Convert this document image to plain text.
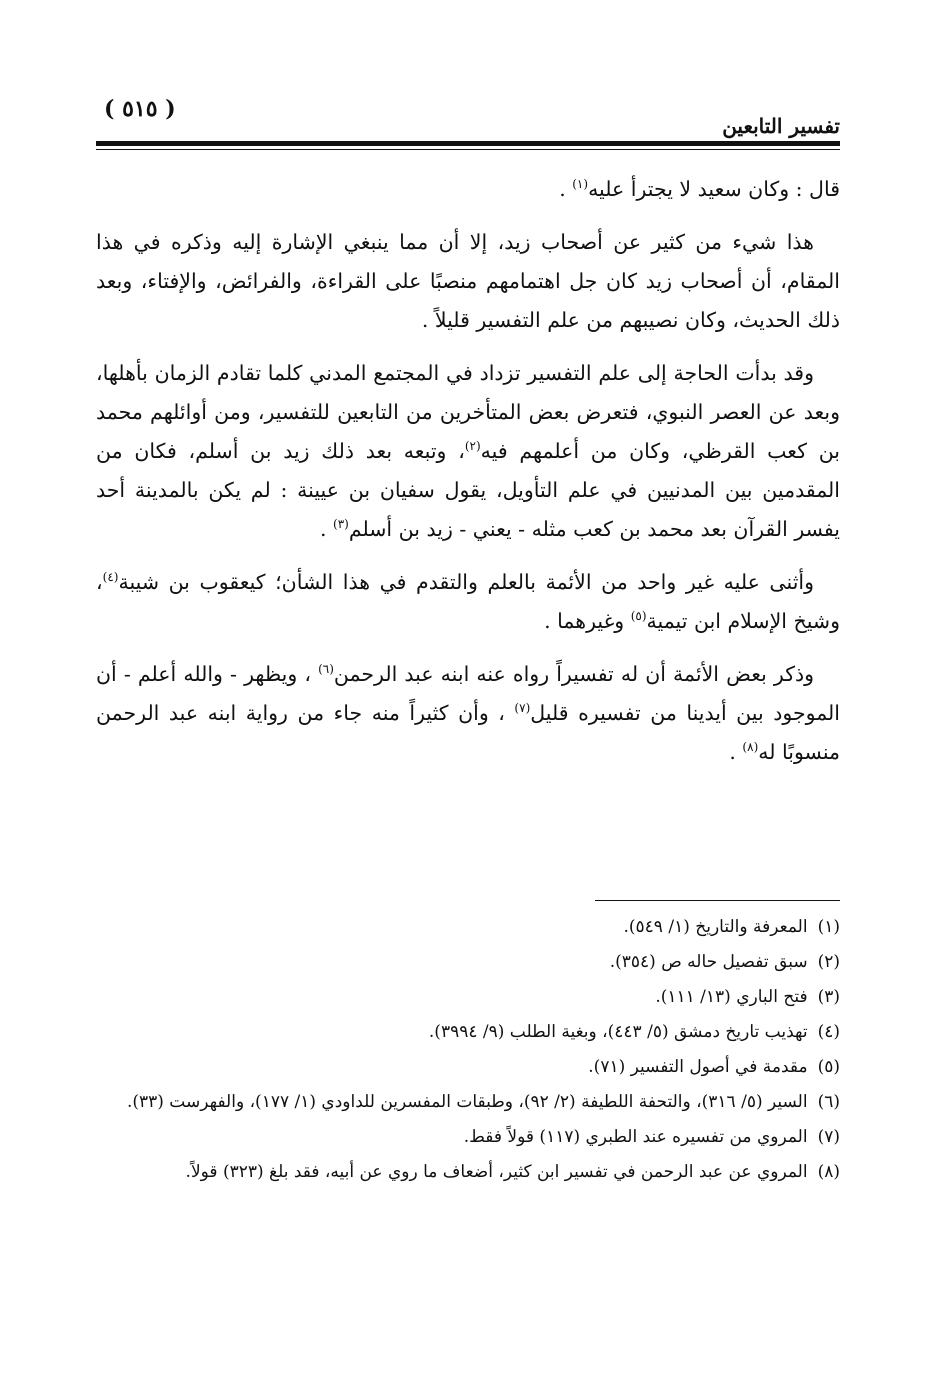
( ٥١٥ )
تفسير التابعين

قال : وكان سعيد لا يجترأ عليه$^{(١)}$ .

هذا شيء من كثير عن أصحاب زيد، إلا أن مما ينبغي الإشارة إليه وذكره في هذا المقام، أن أصحاب زيد كان جل اهتمامهم منصبًا على القراءة، والفرائض، والإفتاء، وبعد ذلك الحديث، وكان نصيبهم من علم التفسير قليلاً .

وقد بدأت الحاجة إلى علم التفسير تزداد في المجتمع المدني كلما تقادم الزمان بأهلها، وبعد عن العصر النبوي، فتعرض بعض المتأخرين من التابعين للتفسير، ومن أوائلهم محمد بن كعب القرظي، وكان من أعلمهم فيه$^{(٢)}$، وتبعه بعد ذلك زيد بن أسلم، فكان من المقدمين بين المدنيين في علم التأويل، يقول سفيان بن عيينة : لم يكن بالمدينة أحد يفسر القرآن بعد محمد بن كعب مثله - يعني - زيد بن أسلم$^{(٣)}$ .

وأثنى عليه غير واحد من الأئمة بالعلم والتقدم في هذا الشأن؛ كيعقوب بن شيبة$^{(٤)}$، وشيخ الإسلام ابن تيمية$^{(٥)}$ وغيرهما .

وذكر بعض الأئمة أن له تفسيراً رواه عنه ابنه عبد الرحمن$^{(٦)}$ ، ويظهر - والله أعلم - أن الموجود بين أيدينا من تفسيره قليل$^{(٧)}$ ، وأن كثيراً منه جاء من رواية ابنه عبد الرحمن منسوبًا له$^{(٨)}$ .

(١)
المعرفة والتاريخ (١/ ٥٤٩).
(٢)
سبق تفصيل حاله ص (٣٥٤).
(٣)
فتح الباري (١٣/ ١١١).
(٤)
تهذيب تاريخ دمشق (٥/ ٤٤٣)، وبغية الطلب (٩/ ٣٩٩٤).
(٥)
مقدمة في أصول التفسير (٧١).
(٦)
السير (٥/ ٣١٦)، والتحفة اللطيفة (٢/ ٩٢)، وطبقات المفسرين للداودي (١/ ١٧٧)، والفهرست (٣٣).
(٧)
المروي من تفسيره عند الطبري (١١٧) قولاً فقط.
(٨)
المروي عن عبد الرحمن في تفسير ابن كثير، أضعاف ما روي عن أبيه، فقد بلغ (٣٢٣) قولاً.
